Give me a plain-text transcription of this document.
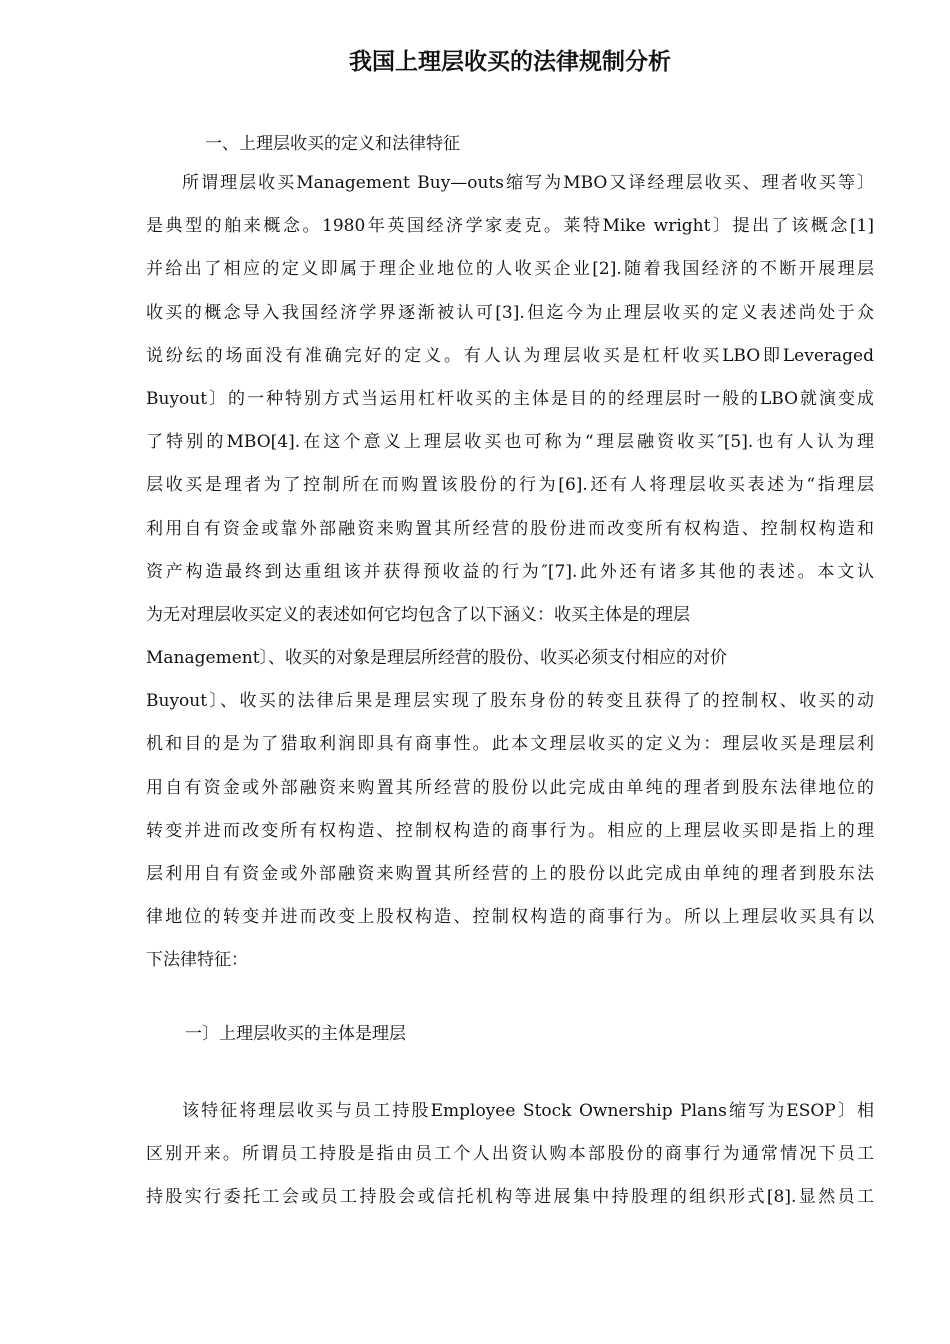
我国上理层收买的法律规制分析
一、上理层收买的定义和法律特征
所谓理层收买Management Buy—outs缩写为MBO又译经理层收买、理者收买等〕
是典型的舶来概念。1980年英国经济学家麦克。莱特Mike wright〕提出了该概念[1]
并给出了相应的定义即属于理企业地位的人收买企业[2].随着我国经济的不断开展理层
收买的概念导入我国经济学界逐渐被认可[3].但迄今为止理层收买的定义表述尚处于众
说纷纭的场面没有准确完好的定义。有人认为理层收买是杠杆收买LBO即Leveraged
Buyout〕的一种特别方式当运用杠杆收买的主体是目的的经理层时一般的LBO就演变成
了特别的MBO[4].在这个意义上理层收买也可称为“理层融资收买″[5].也有人认为理
层收买是理者为了控制所在而购置该股份的行为[6].还有人将理层收买表述为“指理层
利用自有资金或靠外部融资来购置其所经营的股份进而改变所有权构造、控制权构造和
资产构造最终到达重组该并获得预收益的行为″[7].此外还有诸多其他的表述。本文认
为无对理层收买定义的表述如何它均包含了以下涵义：收买主体是的理层
Management〕、收买的对象是理层所经营的股份、收买必须支付相应的对价
Buyout〕、收买的法律后果是理层实现了股东身份的转变且获得了的控制权、收买的动
机和目的是为了猎取利润即具有商事性。此本文理层收买的定义为：理层收买是理层利
用自有资金或外部融资来购置其所经营的股份以此完成由单纯的理者到股东法律地位的
转变并进而改变所有权构造、控制权构造的商事行为。相应的上理层收买即是指上的理
层利用自有资金或外部融资来购置其所经营的上的股份以此完成由单纯的理者到股东法
律地位的转变并进而改变上股权构造、控制权构造的商事行为。所以上理层收买具有以
下法律特征：
一〕上理层收买的主体是理层
该特征将理层收买与员工持股Employee Stock Ownership Plans缩写为ESOP〕相
区别开来。所谓员工持股是指由员工个人出资认购本部股份的商事行为通常情况下员工
持股实行委托工会或员工持股会或信托机构等进展集中持股理的组织形式[8].显然员工
